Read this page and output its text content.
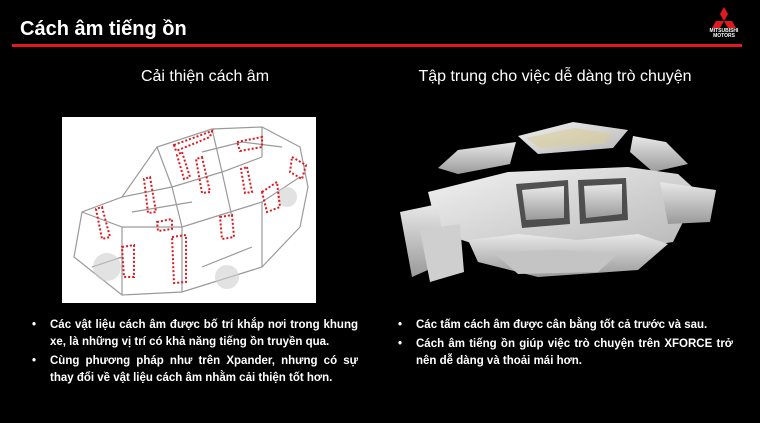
Cách âm tiếng ồn	MITSUBISHI
MOTORS
Cải thiện cách âm	Tập trung cho việc dễ dàng trò chuyện
• Các vật liệu cách âm được bố trí khắp nơi trong khung xe, là những vị trí có khả năng tiếng ồn truyền qua.
• Cùng phương pháp như trên Xpander, nhưng có sự thay đổi về vật liệu cách âm nhằm cải thiện tốt hơn.
• Các tấm cách âm được cân bằng tốt cả trước và sau.
• Cách âm tiếng ồn giúp việc trò chuyện trên XFORCE trở nên dễ dàng và thoải mái hơn.
